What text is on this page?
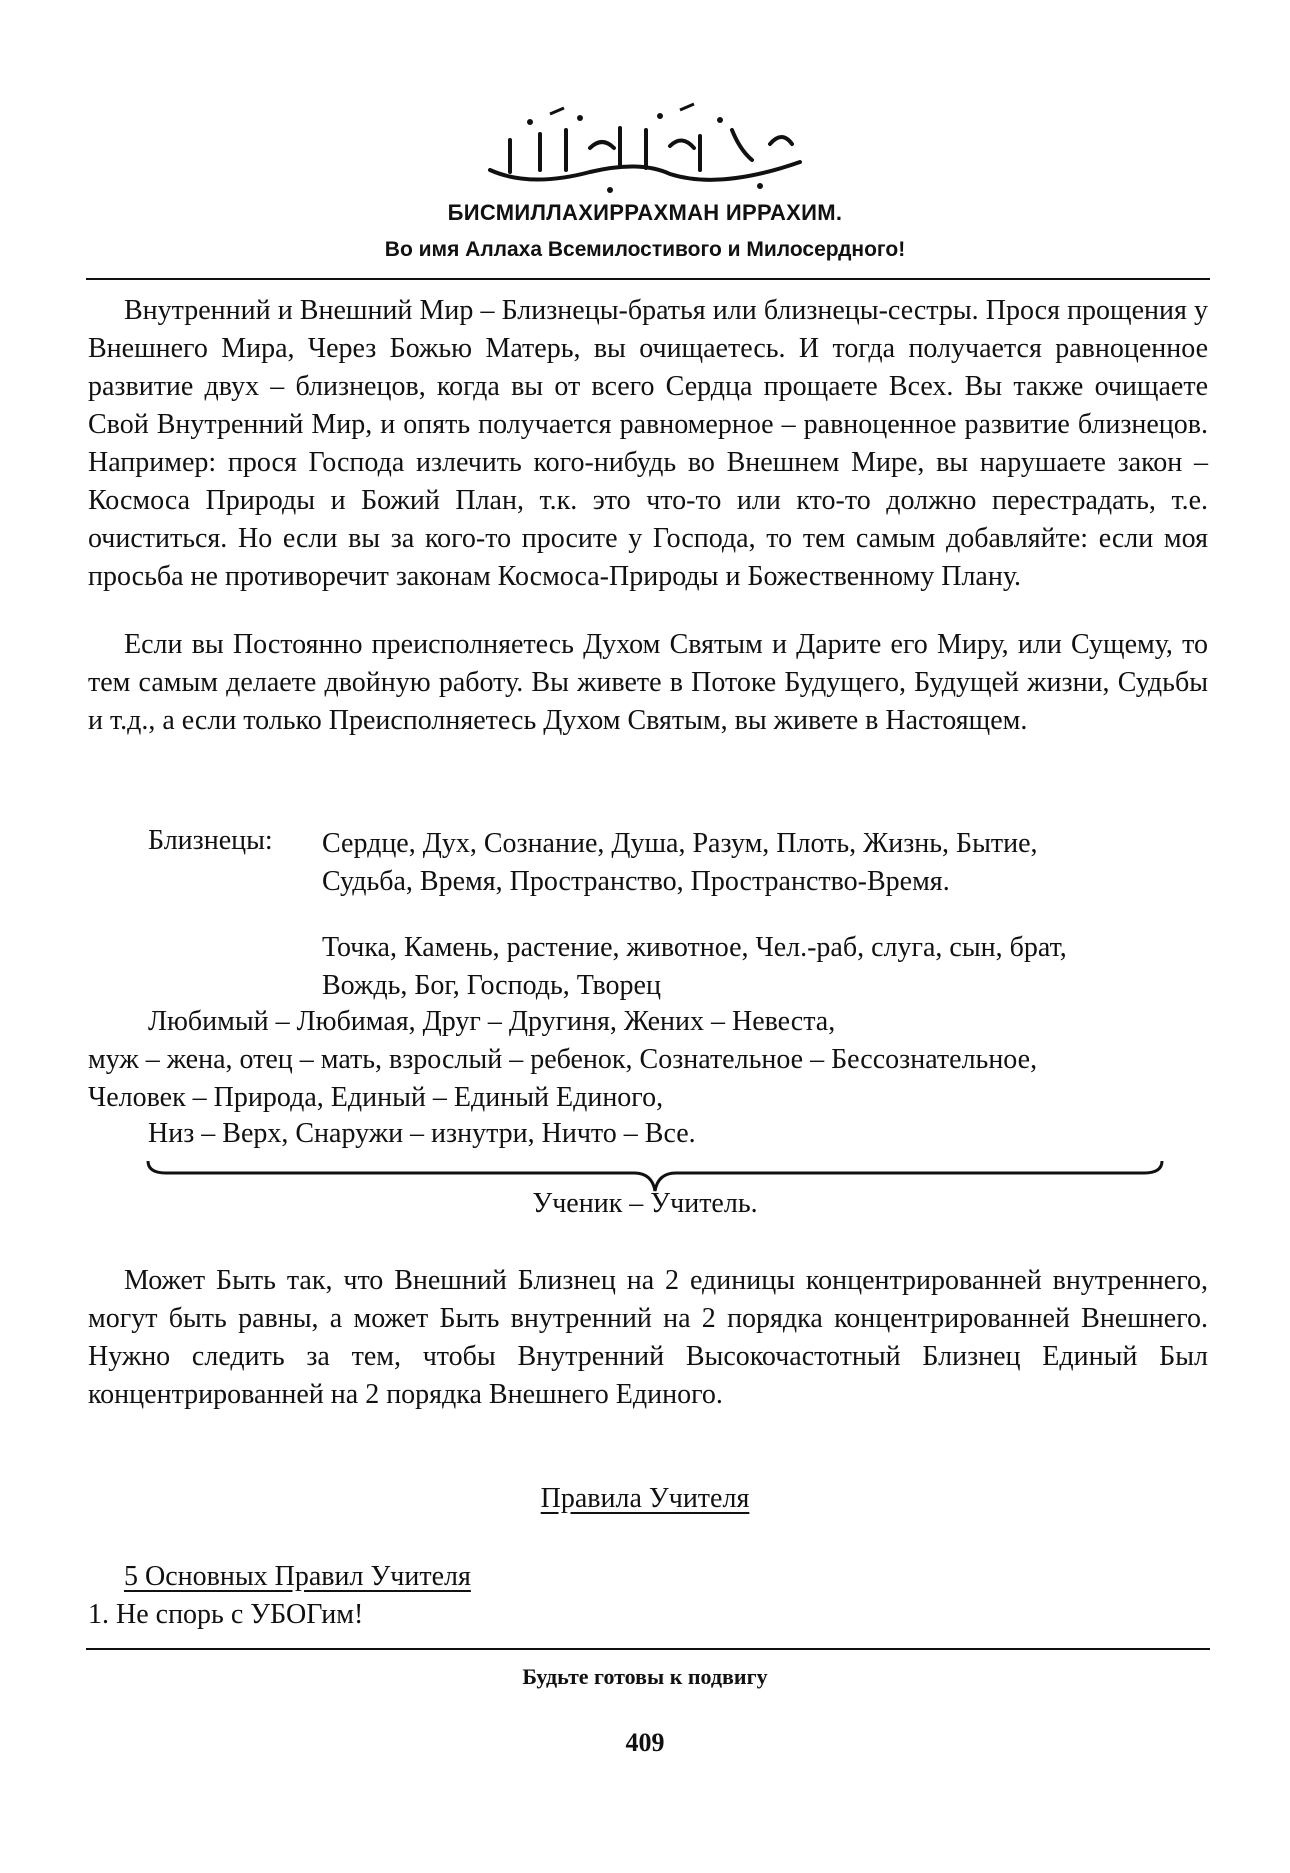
БИСМИЛЛАХИРРАХМАН ИРРАХИМ.
Во имя Аллаха Всемилостивого и Милосердного!

Внутренний и Внешний Мир – Близнецы-братья или близнецы-сестры. Прося прощения у Внешнего Мира, Через Божью Матерь, вы очищаетесь. И тогда получается равноценное развитие двух – близнецов, когда вы от всего Сердца прощаете Всех. Вы также очищаете Свой Внутренний Мир, и опять получается равномерное – равноценное развитие близнецов. Например: прося Господа излечить кого-нибудь во Внешнем Мире, вы нарушаете закон – Космоса Природы и Божий План, т.к. это что-то или кто-то должно перестрадать, т.е. очиститься. Но если вы за кого-то просите у Господа, то тем самым добавляйте: если моя просьба не противоречит законам Космоса-Природы и Божественному Плану.

Если вы Постоянно преисполняетесь Духом Святым и Дарите его Миру, или Сущему, то тем самым делаете двойную работу. Вы живете в Потоке Будущего, Будущей жизни, Судьбы и т.д., а если только Преисполняетесь Духом Святым, вы живете в Настоящем.

Близнецы: Сердце, Дух, Сознание, Душа, Разум, Плоть, Жизнь, Бытие,
Судьба, Время, Пространство, Пространство-Время.
Точка, Камень, растение, животное, Чел.-раб, слуга, сын, брат,
Вождь, Бог, Господь, Творец
Любимый – Любимая, Друг – Другиня, Жених – Невеста,
муж – жена, отец – мать, взрослый – ребенок, Сознательное – Бессознательное,
Человек – Природа, Единый – Единый Единого,
Низ – Верх, Снаружи – изнутри, Ничто – Все.
Ученик – Учитель.

Может Быть так, что Внешний Близнец на 2 единицы концентрированней внутреннего, могут быть равны, а может Быть внутренний на 2 порядка концентрированней Внешнего. Нужно следить за тем, чтобы Внутренний Высокочастотный Близнец Единый Был концентрированней на 2 порядка Внешнего Единого.

Правила Учителя
5 Основных Правил Учителя
1. Не спорь с УБОГим!
Будьте готовы к подвигу
409
